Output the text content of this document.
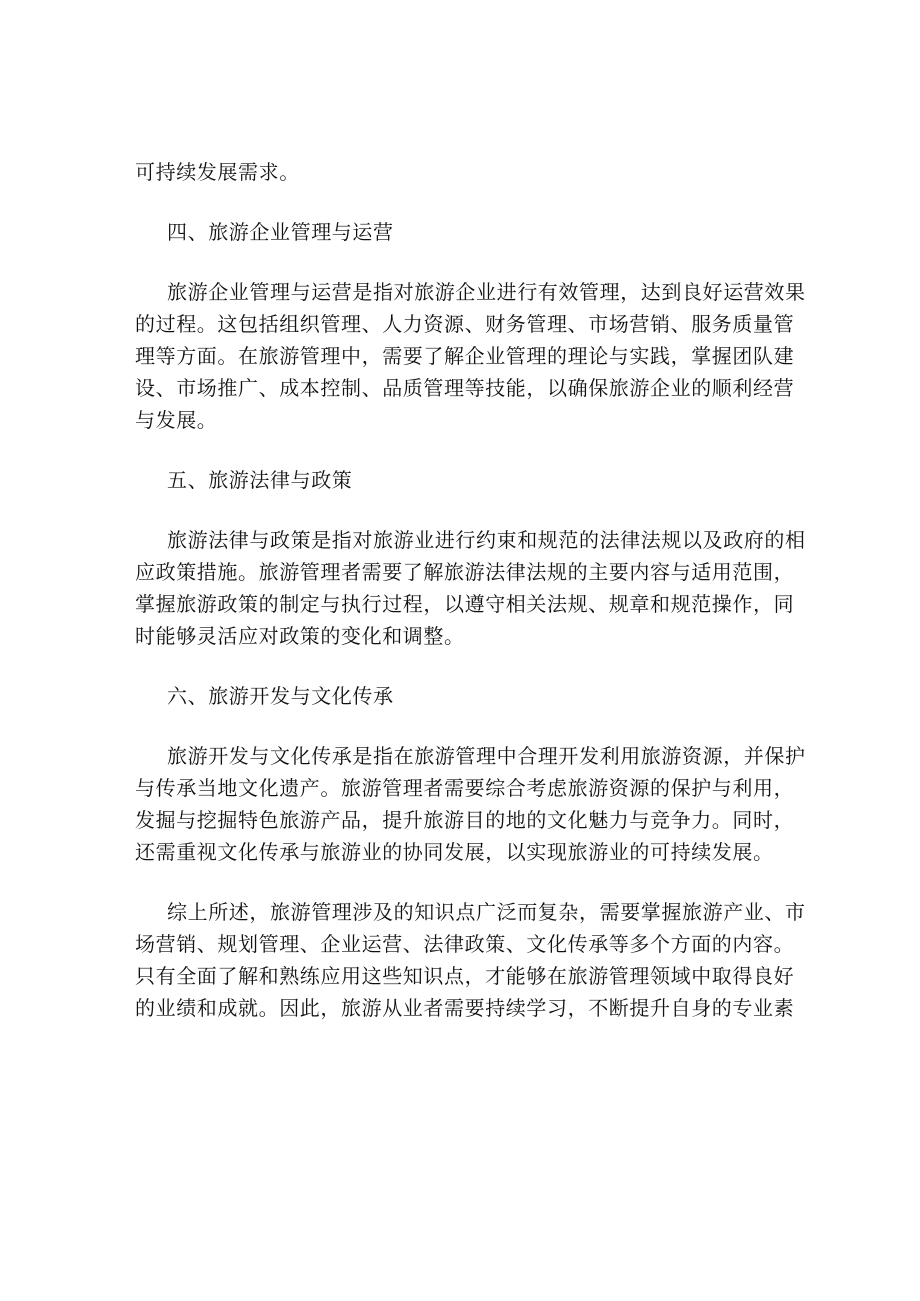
可持续发展需求。
四、旅游企业管理与运营
旅游企业管理与运营是指对旅游企业进行有效管理，达到良好运营效果
的过程。这包括组织管理、人力资源、财务管理、市场营销、服务质量管
理等方面。在旅游管理中，需要了解企业管理的理论与实践，掌握团队建
设、市场推广、成本控制、品质管理等技能，以确保旅游企业的顺利经营
与发展。
五、旅游法律与政策
旅游法律与政策是指对旅游业进行约束和规范的法律法规以及政府的相
应政策措施。旅游管理者需要了解旅游法律法规的主要内容与适用范围，
掌握旅游政策的制定与执行过程，以遵守相关法规、规章和规范操作，同
时能够灵活应对政策的变化和调整。
六、旅游开发与文化传承
旅游开发与文化传承是指在旅游管理中合理开发利用旅游资源，并保护
与传承当地文化遗产。旅游管理者需要综合考虑旅游资源的保护与利用，
发掘与挖掘特色旅游产品，提升旅游目的地的文化魅力与竞争力。同时，
还需重视文化传承与旅游业的协同发展，以实现旅游业的可持续发展。
综上所述，旅游管理涉及的知识点广泛而复杂，需要掌握旅游产业、市
场营销、规划管理、企业运营、法律政策、文化传承等多个方面的内容。
只有全面了解和熟练应用这些知识点，才能够在旅游管理领域中取得良好
的业绩和成就。因此，旅游从业者需要持续学习，不断提升自身的专业素
